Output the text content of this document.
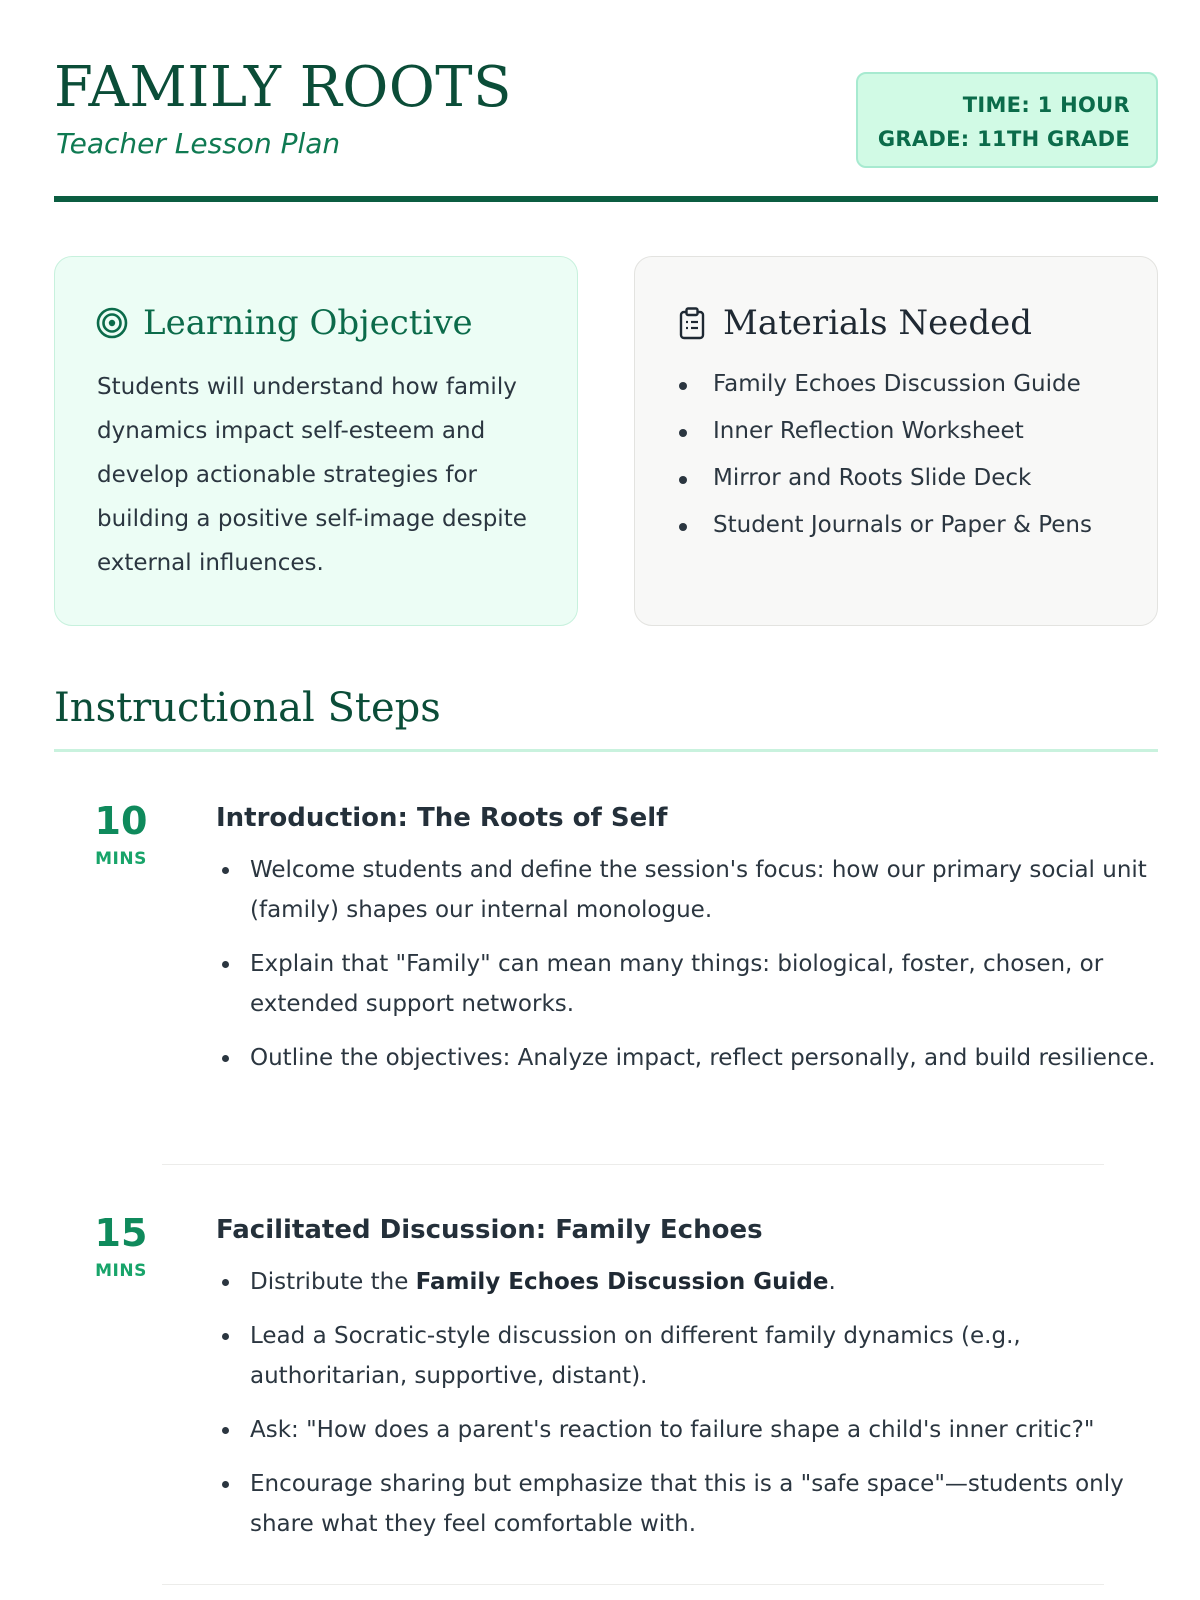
FAMILY ROOTS
Teacher Lesson Plan
TIME: 1 HOUR
GRADE: 11TH GRADE
Learning Objective
Students will understand how family dynamics impact self-esteem and develop actionable strategies for building a positive self-image despite external influences.
Materials Needed
Family Echoes Discussion Guide
Inner Reflection Worksheet
Mirror and Roots Slide Deck
Student Journals or Paper & Pens
Instructional Steps
10
MINS
Introduction: The Roots of Self
Welcome students and define the session's focus: how our primary social unit (family) shapes our internal monologue.
Explain that "Family" can mean many things: biological, foster, chosen, or extended support networks.
Outline the objectives: Analyze impact, reflect personally, and build resilience.
15
MINS
Facilitated Discussion: Family Echoes
Distribute the Family Echoes Discussion Guide.
Lead a Socratic-style discussion on different family dynamics (e.g., authoritarian, supportive, distant).
Ask: "How does a parent's reaction to failure shape a child's inner critic?"
Encourage sharing but emphasize that this is a "safe space"—students only share what they feel comfortable with.
